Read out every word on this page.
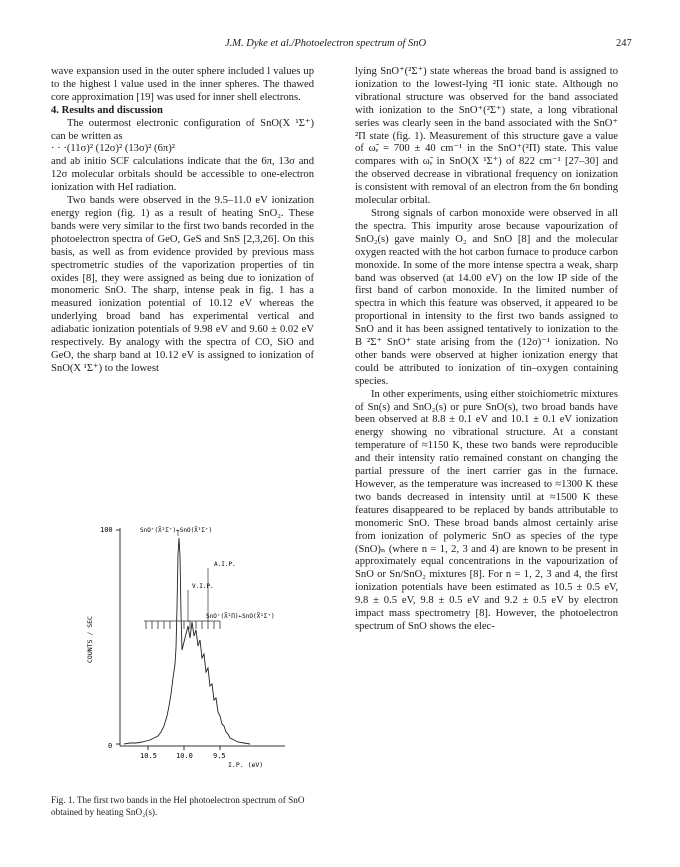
J.M. Dyke et al./Photoelectron spectrum of SnO	247

wave expansion used in the outer sphere included l values up to the highest l value used in the inner spheres. The thawed core approximation [19] was used for inner shell electrons.

4. Results and discussion

The outermost electronic configuration of SnO(X ¹Σ⁺) can be written as

· · ·(11σ)² (12σ)² (13σ)² (6π)²

and ab initio SCF calculations indicate that the 6π, 13σ and 12σ molecular orbitals should be accessible to one-electron ionization with HeI radiation.

Two bands were observed in the 9.5–11.0 eV ionization energy region (fig. 1) as a result of heating SnO₂. These bands were very similar to the first two bands recorded in the photoelectron spectra of GeO, GeS and SnS [2,3,26]. On this basis, as well as from evidence provided by previous mass spectrometric studies of the vaporization properties of tin oxides [8], they were assigned as being due to ionization of monomeric SnO. The sharp, intense peak in fig. 1 has a measured ionization potential of 10.12 eV whereas the underlying broad band has experimental vertical and adiabatic ionization potentials of 9.98 eV and 9.60 ± 0.02 eV respectively. By analogy with the spectra of CO, SiO and GeO, the sharp band at 10.12 eV is assigned to ionization of SnO(X ¹Σ⁺) to the lowest

lying SnO⁺(²Σ⁺) state whereas the broad band is assigned to ionization to the lowest-lying ²Π ionic state. Although no vibrational structure was observed for the band associated with ionization to the SnO⁺(²Σ⁺) state, a long vibrational series was clearly seen in the band associated with the SnO⁺ ²Π state (fig. 1). Measurement of this structure gave a value of ω̃ₑ = 700 ± 40 cm⁻¹ in the SnO⁺(²Π) state. This value compares with ω̃ₑ in SnO(X ¹Σ⁺) of 822 cm⁻¹ [27–30] and the observed decrease in vibrational frequency on ionization is consistent with removal of an electron from the 6π bonding molecular orbital.

Strong signals of carbon monoxide were observed in all the spectra. This impurity arose because vapourization of SnO₂(s) gave mainly O₂ and SnO [8] and the molecular oxygen reacted with the hot carbon furnace to produce carbon monoxide. In some of the more intense spectra a weak, sharp band was observed (at 14.00 eV) on the low IP side of the first band of carbon monoxide. In the limited number of spectra in which this feature was observed, it appeared to be proportional in intensity to the first two bands assigned to SnO and it has been assigned tentatively to ionization to the B ²Σ⁺ SnO⁺ state arising from the (12σ)⁻¹ ionization. No other bands were observed at higher ionization energy that could be attributed to ionization of tin–oxygen containing species.

In other experiments, using either stoichiometric mixtures of Sn(s) and SnO₂(s) or pure SnO(s), two broad bands have been observed at 8.8 ± 0.1 eV and 10.1 ± 0.1 eV ionization energy showing no vibrational structure. At a constant temperature of ≈1150 K, these two bands were reproducible and their intensity ratio remained constant on changing the partial pressure of the inert carrier gas in the furnace. However, as the temperature was increased to ≈1300 K these two bands decreased in intensity until at ≈1500 K these features disappeared to be replaced by bands attributable to monomeric SnO. These broad bands almost certainly arise from ionization of polymeric SnO as species of the type (SnO)ₙ (where n = 1, 2, 3 and 4) are known to be present in approximately equal concentrations in the vapourization of SnO or Sn/SnO₂ mixtures [8]. For n = 1, 2, 3 and 4, the first ionization potentials have been estimated as 10.5 ± 0.5 eV, 9.8 ± 0.5 eV, 9.8 ± 0.5 eV and 9.2 ± 0.5 eV by electron impact mass spectrometry [8]. However, the photoelectron spectrum of SnO shows the elec-

100
0
COUNTS / SEC
10.5	10.0	9.5
I.P. (eV)
SnO⁺(X̃²Σ⁺)←SnO(X̃¹Σ⁺)
A.I.P.
V.I.P.
SnO⁺(X̃²Π)←SnO(X̃¹Σ⁺)
Fig. 1. The first two bands in the HeI photoelectron spectrum of SnO obtained by heating SnO₂(s).
